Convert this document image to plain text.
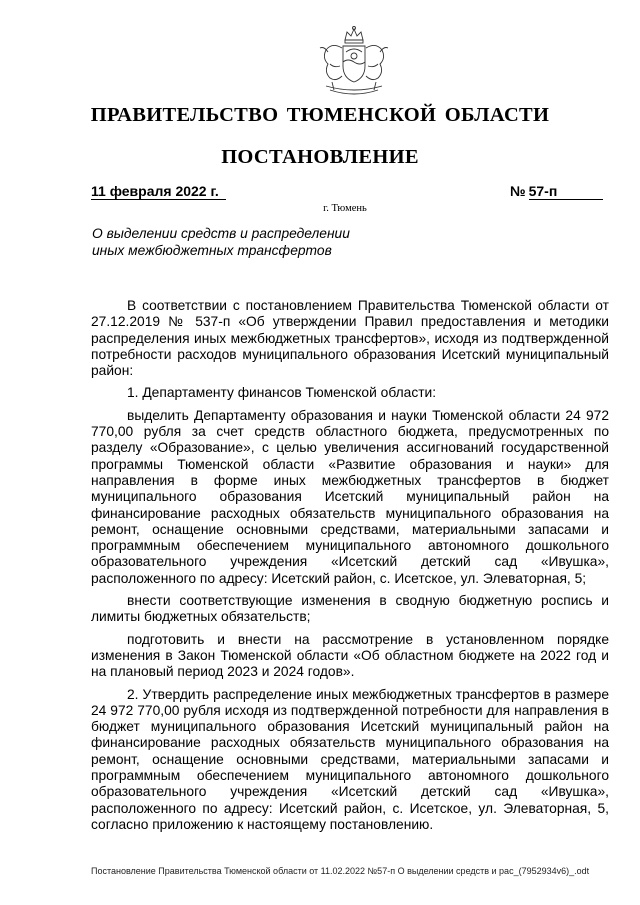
ПРАВИТЕЛЬСТВО ТЮМЕНСКОЙ ОБЛАСТИ
ПОСТАНОВЛЕНИЕ
11 февраля 2022 г.	№ 57-п
г. Тюмень
О выделении средств и распределении
иных межбюджетных трансфертов

В соответствии с постановлением Правительства Тюменской области от 27.12.2019 № 537-п «Об утверждении Правил предоставления и методики распределения иных межбюджетных трансфертов», исходя из подтвержденной потребности расходов муниципального образования Исетский муниципальный район:

1. Департаменту финансов Тюменской области:

выделить Департаменту образования и науки Тюменской области 24 972 770,00 рубля за счет средств областного бюджета, предусмотренных по разделу «Образование», с целью увеличения ассигнований государственной программы Тюменской области «Развитие образования и науки» для направления в форме иных межбюджетных трансфертов в бюджет муниципального образования Исетский муниципальный район на финансирование расходных обязательств муниципального образования на ремонт, оснащение основными средствами, материальными запасами и программным обеспечением муниципального автономного дошкольного образовательного учреждения «Исетский детский сад «Ивушка», расположенного по адресу: Исетский район, с. Исетское, ул. Элеваторная, 5;

внести соответствующие изменения в сводную бюджетную роспись и лимиты бюджетных обязательств;

подготовить и внести на рассмотрение в установленном порядке изменения в Закон Тюменской области «Об областном бюджете на 2022 год и на плановый период 2023 и 2024 годов».

2. Утвердить распределение иных межбюджетных трансфертов в размере 24 972 770,00 рубля исходя из подтвержденной потребности для направления в бюджет муниципального образования Исетский муниципальный район на финансирование расходных обязательств муниципального образования на ремонт, оснащение основными средствами, материальными запасами и программным обеспечением муниципального автономного дошкольного образовательного учреждения «Исетский детский сад «Ивушка», расположенного по адресу: Исетский район, с. Исетское, ул. Элеваторная, 5, согласно приложению к настоящему постановлению.

Постановление Правительства Тюменской области от 11.02.2022 №57-п О выделении средств и рас_(7952934v6)_.odt
